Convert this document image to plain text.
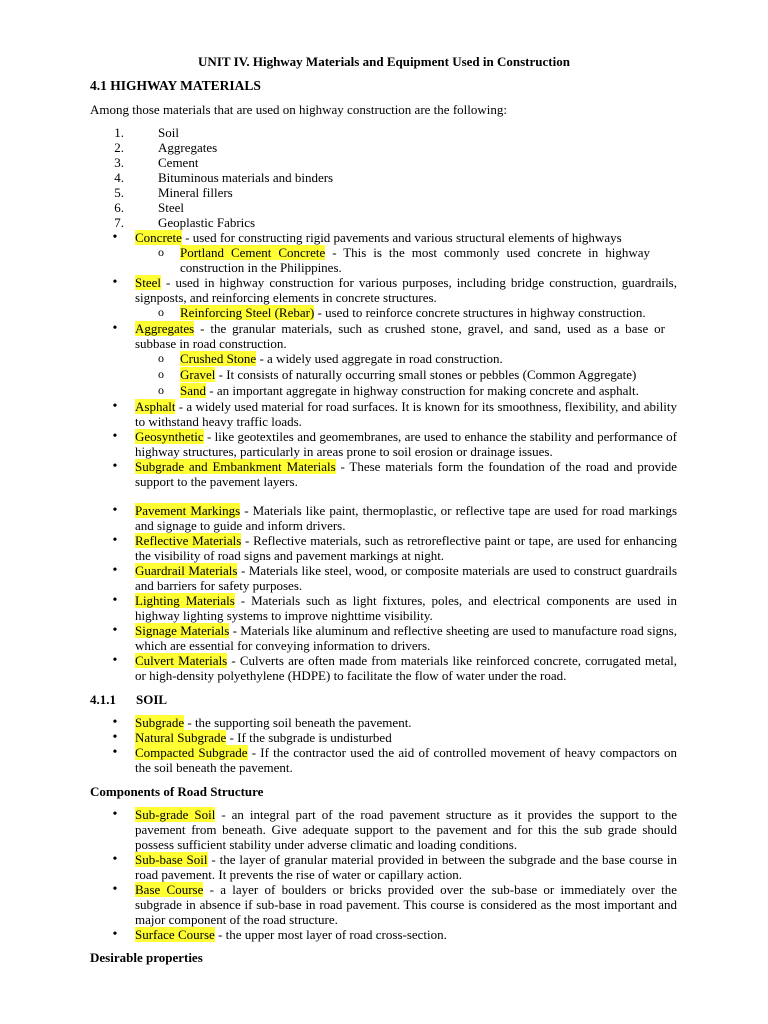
UNIT IV. Highway Materials and Equipment Used in Construction
4.1 HIGHWAY MATERIALS
Among those materials that are used on highway construction are the following:
1.	Soil
2.	Aggregates
3.	Cement
4.	Bituminous materials and binders
5.	Mineral fillers
6.	Steel
7.	Geoplastic Fabrics
• Concrete - used for constructing rigid pavements and various structural elements of highways
o Portland Cement Concrete - This is the most commonly used concrete in highway construction in the Philippines.
• Steel - used in highway construction for various purposes, including bridge construction, guardrails, signposts, and reinforcing elements in concrete structures.
o Reinforcing Steel (Rebar) - used to reinforce concrete structures in highway construction.
• Aggregates - the granular materials, such as crushed stone, gravel, and sand, used as a base or subbase in road construction.
o Crushed Stone - a widely used aggregate in road construction.
o Gravel - It consists of naturally occurring small stones or pebbles (Common Aggregate)
o Sand - an important aggregate in highway construction for making concrete and asphalt.
• Asphalt - a widely used material for road surfaces. It is known for its smoothness, flexibility, and ability to withstand heavy traffic loads.
• Geosynthetic - like geotextiles and geomembranes, are used to enhance the stability and performance of highway structures, particularly in areas prone to soil erosion or drainage issues.
• Subgrade and Embankment Materials - These materials form the foundation of the road and provide support to the pavement layers.
• Pavement Markings - Materials like paint, thermoplastic, or reflective tape are used for road markings and signage to guide and inform drivers.
• Reflective Materials - Reflective materials, such as retroreflective paint or tape, are used for enhancing the visibility of road signs and pavement markings at night.
• Guardrail Materials - Materials like steel, wood, or composite materials are used to construct guardrails and barriers for safety purposes.
• Lighting Materials - Materials such as light fixtures, poles, and electrical components are used in highway lighting systems to improve nighttime visibility.
• Signage Materials - Materials like aluminum and reflective sheeting are used to manufacture road signs, which are essential for conveying information to drivers.
• Culvert Materials - Culverts are often made from materials like reinforced concrete, corrugated metal, or high-density polyethylene (HDPE) to facilitate the flow of water under the road.
4.1.1 SOIL
• Subgrade - the supporting soil beneath the pavement.
• Natural Subgrade - If the subgrade is undisturbed
• Compacted Subgrade - If the contractor used the aid of controlled movement of heavy compactors on the soil beneath the pavement.
Components of Road Structure
• Sub-grade Soil - an integral part of the road pavement structure as it provides the support to the pavement from beneath. Give adequate support to the pavement and for this the sub grade should possess sufficient stability under adverse climatic and loading conditions.
• Sub-base Soil - the layer of granular material provided in between the subgrade and the base course in road pavement. It prevents the rise of water or capillary action.
• Base Course - a layer of boulders or bricks provided over the sub-base or immediately over the subgrade in absence if sub-base in road pavement. This course is considered as the most important and major component of the road structure.
• Surface Course - the upper most layer of road cross-section.
Desirable properties
